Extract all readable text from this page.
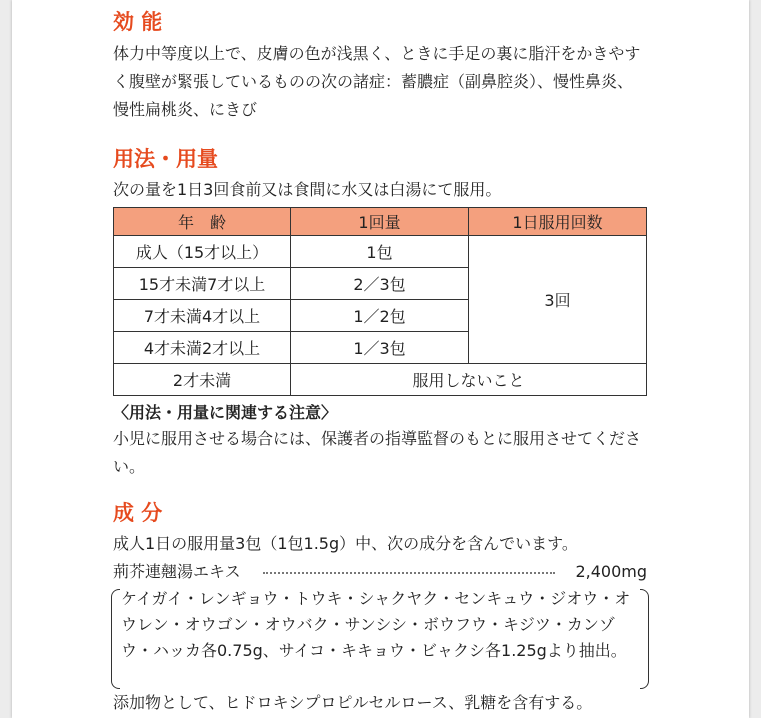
効 能
体力中等度以上で、皮膚の色が浅黒く、ときに手足の裏に脂汗をかきやすく腹壁が緊張しているものの次の諸症：蓄膿症（副鼻腔炎）、慢性鼻炎、慢性扁桃炎、にきび
用法・用量
次の量を1日3回食前又は食間に水又は白湯にて服用。
年　齢	1回量	1日服用回数
成人（15才以上）	1包	3回
15才未満7才以上	2／3包	
7才未満4才以上	1／2包	
4才未満2才以上	1／3包	
2才未満	服用しないこと	
〈用法・用量に関連する注意〉
小児に服用させる場合には、保護者の指導監督のもとに服用させてください。
成 分
成人1日の服用量3包（1包1.5g）中、次の成分を含んでいます。
荊芥連翹湯エキス	2,400mg
ケイガイ・レンギョウ・トウキ・シャクヤク・センキュウ・ジオウ・オウレン・オウゴン・オウバク・サンシシ・ボウフウ・キジツ・カンゾウ・ハッカ各0.75g、サイコ・キキョウ・ビャクシ各1.25gより抽出。
添加物として、ヒドロキシプロピルセルロース、乳糖を含有する。
